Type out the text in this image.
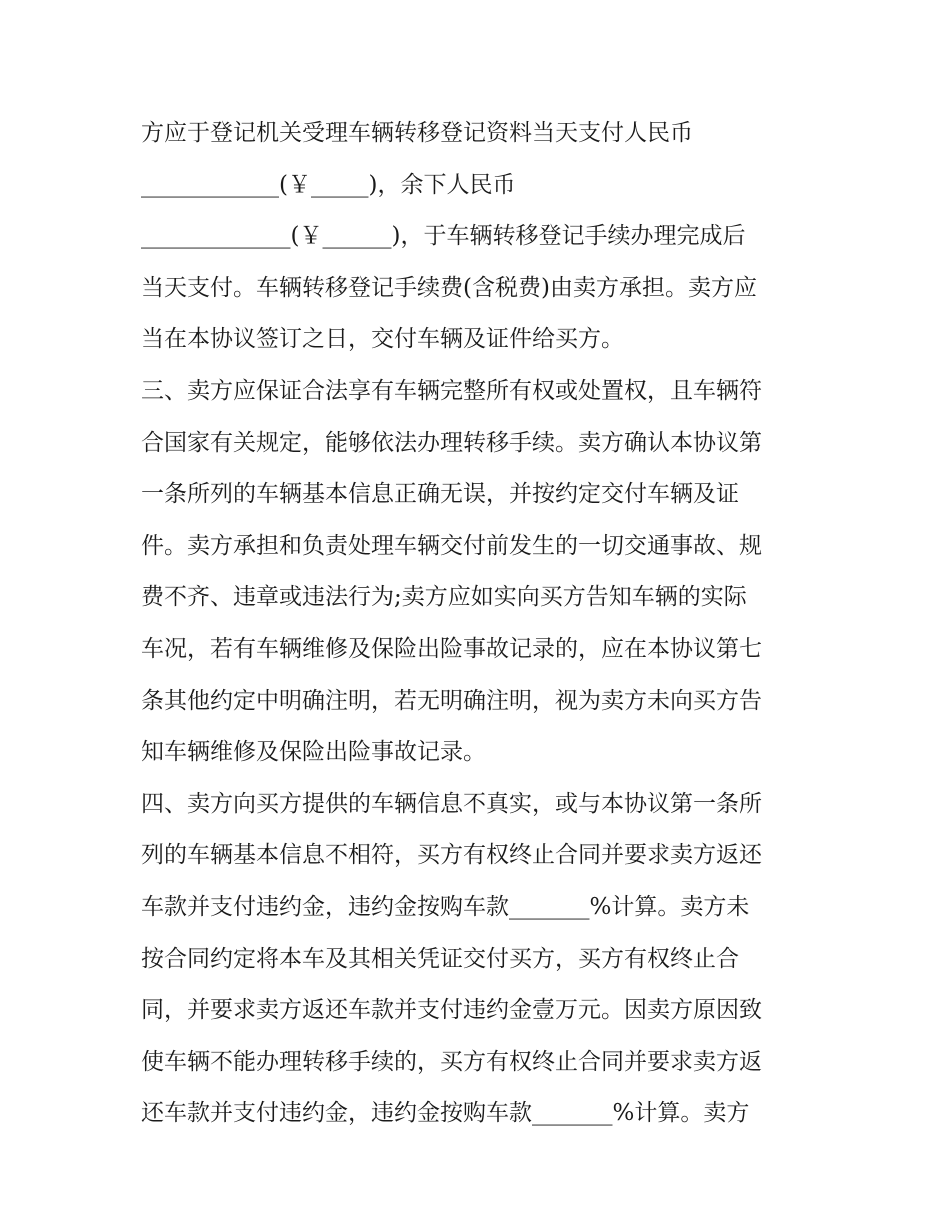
方应于登记机关受理车辆转移登记资料当天支付人民币
____________(￥_____)，余下人民币
_____________(￥______)，于车辆转移登记手续办理完成后
当天支付。车辆转移登记手续费(含税费)由卖方承担。卖方应
当在本协议签订之日，交付车辆及证件给买方。
三、卖方应保证合法享有车辆完整所有权或处置权，且车辆符
合国家有关规定，能够依法办理转移手续。卖方确认本协议第
一条所列的车辆基本信息正确无误，并按约定交付车辆及证
件。卖方承担和负责处理车辆交付前发生的一切交通事故、规
费不齐、违章或违法行为;卖方应如实向买方告知车辆的实际
车况，若有车辆维修及保险出险事故记录的，应在本协议第七
条其他约定中明确注明，若无明确注明，视为卖方未向买方告
知车辆维修及保险出险事故记录。
四、卖方向买方提供的车辆信息不真实，或与本协议第一条所
列的车辆基本信息不相符，买方有权终止合同并要求卖方返还
车款并支付违约金，违约金按购车款_______%计算。卖方未
按合同约定将本车及其相关凭证交付买方，买方有权终止合
同，并要求卖方返还车款并支付违约金壹万元。因卖方原因致
使车辆不能办理转移手续的，买方有权终止合同并要求卖方返
还车款并支付违约金，违约金按购车款_______%计算。卖方
